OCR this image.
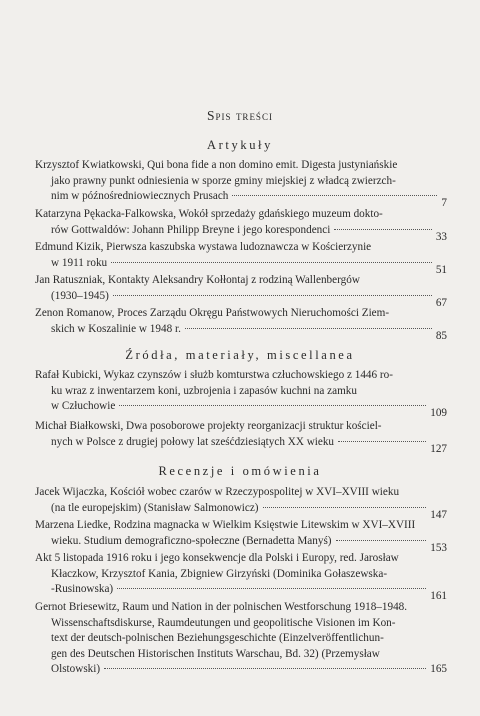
Spis treści
Artykuły
Krzysztof Kwiatkowski, Qui bona fide a non domino emit. Digesta justyniańskie
jako prawny punkt odniesienia w sporze gminy miejskiej z władcą zwierzch-
nim w późnośredniowiecznych Prusach
7
Katarzyna Pękacka-Falkowska, Wokół sprzedaży gdańskiego muzeum dokto-
rów Gottwaldów: Johann Philipp Breyne i jego korespondenci
33
Edmund Kizik, Pierwsza kaszubska wystawa ludoznawcza w Kościerzynie
w 1911 roku
51
Jan Ratuszniak, Kontakty Aleksandry Kołłontaj z rodziną Wallenbergów
(1930–1945)
67
Zenon Romanow, Proces Zarządu Okręgu Państwowych Nieruchomości Ziem-
skich w Koszalinie w 1948 r.
85
Źródła, materiały, miscellanea
Rafał Kubicki, Wykaz czynszów i służb komturstwa człuchowskiego z 1446 ro-
ku wraz z inwentarzem koni, uzbrojenia i zapasów kuchni na zamku
w Człuchowie
109
Michał Białkowski, Dwa posoborowe projekty reorganizacji struktur kościel-
nych w Polsce z drugiej połowy lat sześćdziesiątych XX wieku
127
Recenzje i omówienia
Jacek Wijaczka, Kościół wobec czarów w Rzeczypospolitej w XVI–XVIII wieku
(na tle europejskim) (Stanisław Salmonowicz)
147
Marzena Liedke, Rodzina magnacka w Wielkim Księstwie Litewskim w XVI–XVIII
wieku. Studium demograficzno-społeczne (Bernadetta Manyś)
153
Akt 5 listopada 1916 roku i jego konsekwencje dla Polski i Europy, red. Jarosław
Kłaczkow, Krzysztof Kania, Zbigniew Girzyński (Dominika Gołaszewska-
-Rusinowska)
161
Gernot Briesewitz, Raum und Nation in der polnischen Westforschung 1918–1948.
Wissenschaftsdiskurse, Raumdeutungen und geopolitische Visionen im Kon-
text der deutsch-polnischen Beziehungsgeschichte (Einzelveröffentlichun-
gen des Deutschen Historischen Instituts Warschau, Bd. 32) (Przemysław
Olstowski)	165
